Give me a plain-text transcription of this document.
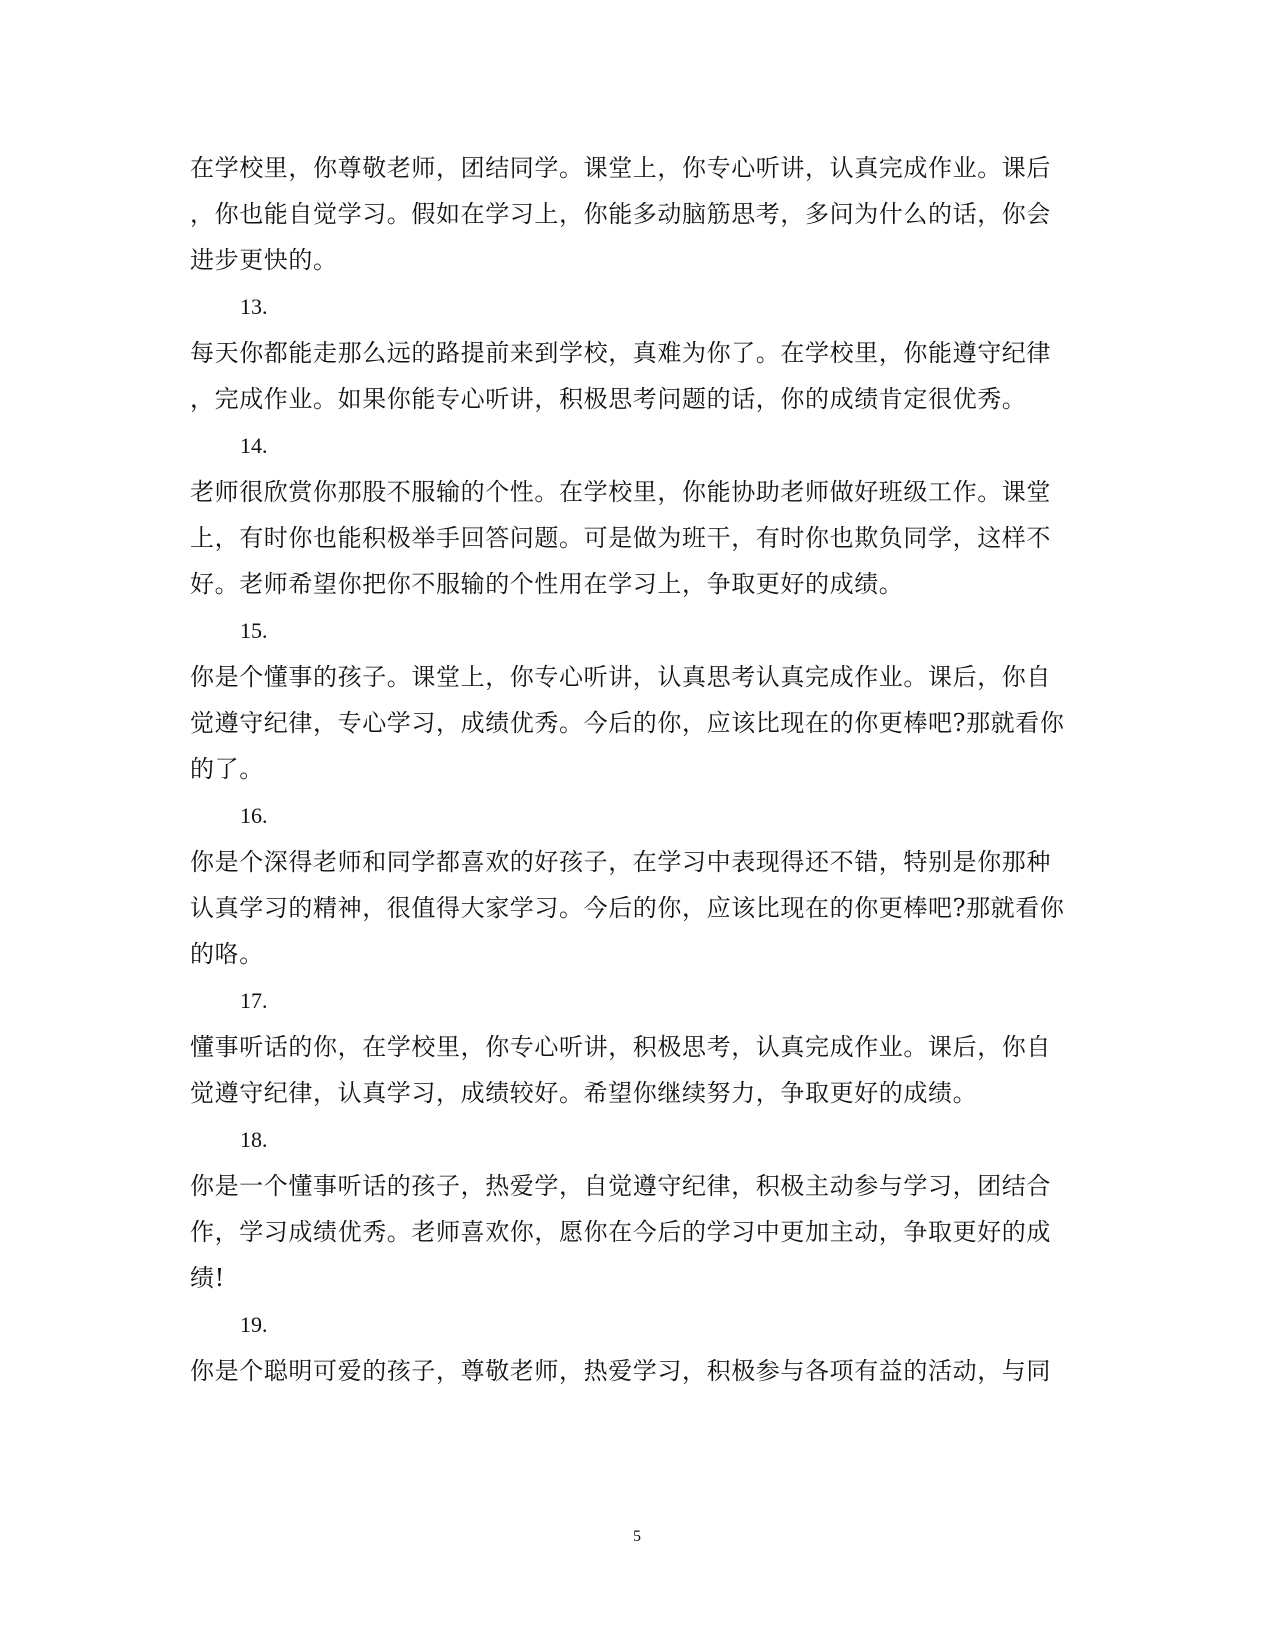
在学校里，你尊敬老师，团结同学。课堂上，你专心听讲，认真完成作业。课后
，你也能自觉学习。假如在学习上，你能多动脑筋思考，多问为什么的话，你会
进步更快的。
13.
每天你都能走那么远的路提前来到学校，真难为你了。在学校里，你能遵守纪律
，完成作业。如果你能专心听讲，积极思考问题的话，你的成绩肯定很优秀。
14.
老师很欣赏你那股不服输的个性。在学校里，你能协助老师做好班级工作。课堂
上，有时你也能积极举手回答问题。可是做为班干，有时你也欺负同学，这样不
好。老师希望你把你不服输的个性用在学习上，争取更好的成绩。
15.
你是个懂事的孩子。课堂上，你专心听讲，认真思考认真完成作业。课后，你自
觉遵守纪律，专心学习，成绩优秀。今后的你，应该比现在的你更棒吧?那就看你
的了。
16.
你是个深得老师和同学都喜欢的好孩子，在学习中表现得还不错，特别是你那种
认真学习的精神，很值得大家学习。今后的你，应该比现在的你更棒吧?那就看你
的咯。
17.
懂事听话的你，在学校里，你专心听讲，积极思考，认真完成作业。课后，你自
觉遵守纪律，认真学习，成绩较好。希望你继续努力，争取更好的成绩。
18.
你是一个懂事听话的孩子，热爱学，自觉遵守纪律，积极主动参与学习，团结合
作，学习成绩优秀。老师喜欢你，愿你在今后的学习中更加主动，争取更好的成
绩!
19.
你是个聪明可爱的孩子，尊敬老师，热爱学习，积极参与各项有益的活动，与同
5
